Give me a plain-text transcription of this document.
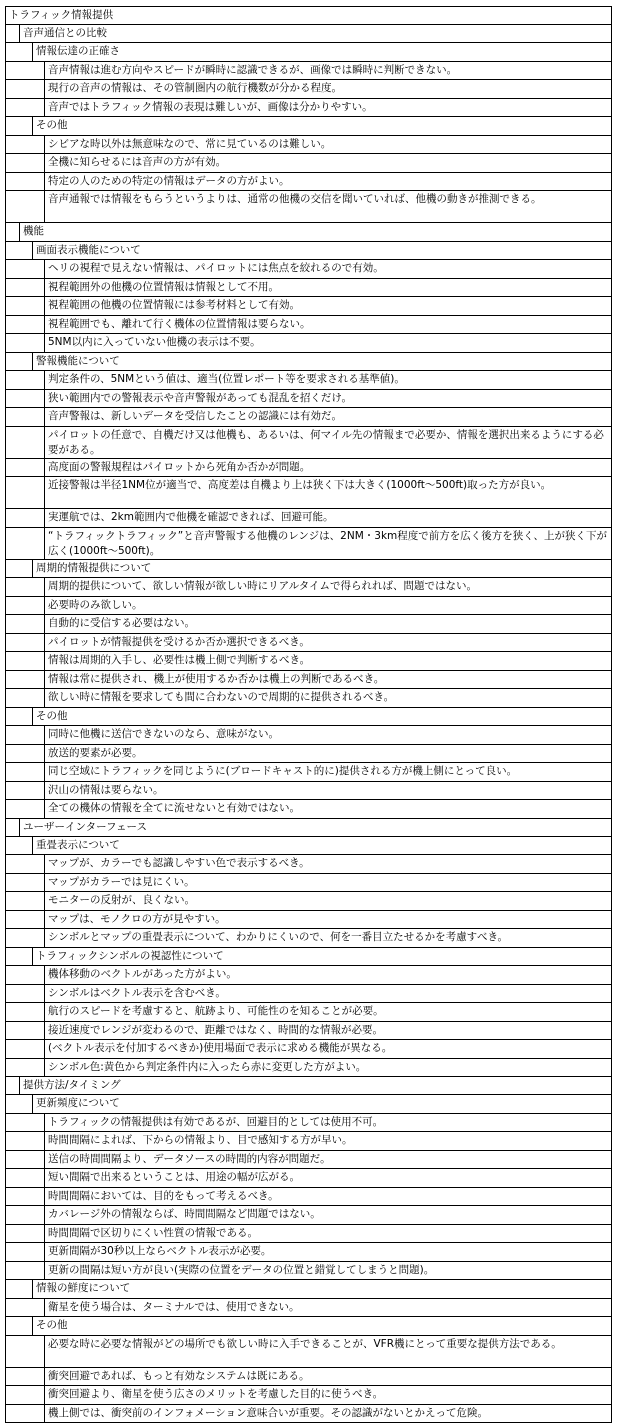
トラフィック情報提供
音声通信との比較
情報伝達の正確さ
音声情報は進む方向やスピードが瞬時に認識できるが、画像では瞬時に判断できない。
現行の音声の情報は、その管制圏内の航行機数が分かる程度。
音声ではトラフィック情報の表現は難しいが、画像は分かりやすい。
その他
シビアな時以外は無意味なので、常に見ているのは難しい。
全機に知らせるには音声の方が有効。
特定の人のための特定の情報はデータの方がよい。
音声通報では情報をもらうというよりは、通常の他機の交信を聞いていれば、他機の動きが推測できる。
機能
画面表示機能について
ヘリの視程で見えない情報は、パイロットには焦点を絞れるので有効。
視程範囲外の他機の位置情報は情報として不用。
視程範囲の他機の位置情報には参考材料として有効。
視程範囲でも、離れて行く機体の位置情報は要らない。
5NM以内に入っていない他機の表示は不要。
警報機能について
判定条件の、5NMという値は、適当(位置レポート等を要求される基準値)。
狭い範囲内での警報表示や音声警報があっても混乱を招くだけ。
音声警報は、新しいデータを受信したことの認識には有効だ。
パイロットの任意で、自機だけ又は他機も、あるいは、何マイル先の情報まで必要か、情報を選択出来るようにする必要がある。
高度面の警報規程はパイロットから死角か否かが問題。
近接警報は半径1NM位が適当で、高度差は自機より上は狭く下は大きく(1000ft～500ft)取った方が良い。
実運航では、2km範囲内で他機を確認できれば、回避可能。
“トラフィックトラフィック”と音声警報する他機のレンジは、2NM・3km程度で前方を広く後方を狭く、上が狭く下が広く(1000ft～500ft)。
周期的情報提供について
周期的提供について、欲しい情報が欲しい時にリアルタイムで得られれば、問題ではない。
必要時のみ欲しい。
自動的に受信する必要はない。
パイロットが情報提供を受けるか否か選択できるべき。
情報は周期的入手し、必要性は機上側で判断するべき。
情報は常に提供され、機上が使用するか否かは機上の判断であるべき。
欲しい時に情報を要求しても間に合わないので周期的に提供されるべき。
その他
同時に他機に送信できないのなら、意味がない。
放送的要素が必要。
同じ空域にトラフィックを同じように(ブロードキャスト的に)提供される方が機上側にとって良い。
沢山の情報は要らない。
全ての機体の情報を全てに流せないと有効ではない。
ユーザーインターフェース
重畳表示について
マップが、カラーでも認識しやすい色で表示するべき。
マップがカラーでは見にくい。
モニターの反射が、良くない。
マップは、モノクロの方が見やすい。
シンボルとマップの重畳表示について、わかりにくいので、何を一番目立たせるかを考慮すべき。
トラフィックシンボルの視認性について
機体移動のベクトルがあった方がよい。
シンボルはベクトル表示を含むべき。
航行のスピードを考慮すると、航跡より、可能性のを知ることが必要。
接近速度でレンジが変わるので、距離ではなく、時間的な情報が必要。
(ベクトル表示を付加するべきか)使用場面で表示に求める機能が異なる。
シンボル色:黄色から判定条件内に入ったら赤に変更した方がよい。
提供方法/タイミング
更新頻度について
トラフィックの情報提供は有効であるが、回避目的としては使用不可。
時間間隔によれば、下からの情報より、目で感知する方が早い。
送信の時間間隔より、データソースの時間的内容が問題だ。
短い間隔で出来るということは、用途の幅が広がる。
時間間隔においては、目的をもって考えるべき。
カバレージ外の情報ならば、時間間隔など問題ではない。
時間間隔で区切りにくい性質の情報である。
更新間隔が30秒以上ならベクトル表示が必要。
更新の間隔は短い方が良い(実際の位置をデータの位置と錯覚してしまうと問題)。
情報の鮮度について
衛星を使う場合は、ターミナルでは、使用できない。
その他
必要な時に必要な情報がどの場所でも欲しい時に入手できることが、VFR機にとって重要な提供方法である。
衝突回避であれば、もっと有効なシステムは既にある。
衝突回避より、衛星を使う広さのメリットを考慮した目的に使うべき。
機上側では、衝突前のインフォメーション意味合いが重要。その認識がないとかえって危険。
